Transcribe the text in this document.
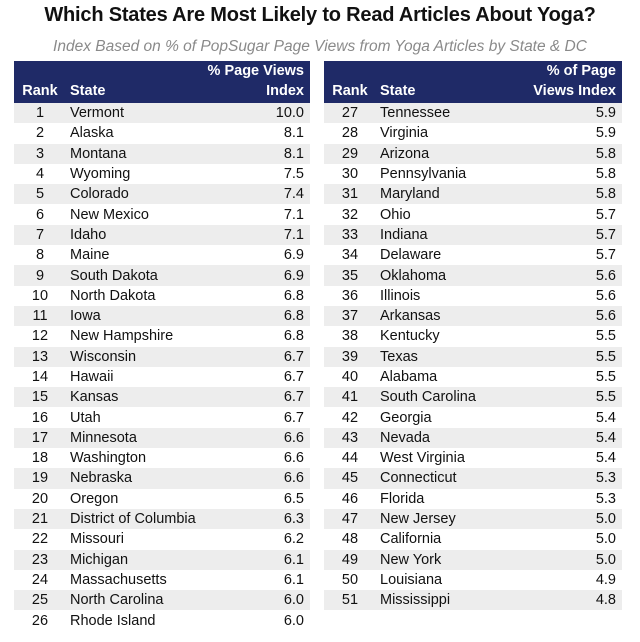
Which States Are Most Likely to Read Articles About Yoga?
Index Based on % of PopSugar Page Views from Yoga Articles by State & DC
		% Page Views
Rank	State	Index
1	Vermont	10.0
2	Alaska	8.1
3	Montana	8.1
4	Wyoming	7.5
5	Colorado	7.4
6	New Mexico	7.1
7	Idaho	7.1
8	Maine	6.9
9	South Dakota	6.9
10	North Dakota	6.8
11	Iowa	6.8
12	New Hampshire	6.8
13	Wisconsin	6.7
14	Hawaii	6.7
15	Kansas	6.7
16	Utah	6.7
17	Minnesota	6.6
18	Washington	6.6
19	Nebraska	6.6
20	Oregon	6.5
21	District of Columbia	6.3
22	Missouri	6.2
23	Michigan	6.1
24	Massachusetts	6.1
25	North Carolina	6.0
26	Rhode Island	6.0
		% of Page
Rank	State	Views Index
27	Tennessee	5.9
28	Virginia	5.9
29	Arizona	5.8
30	Pennsylvania	5.8
31	Maryland	5.8
32	Ohio	5.7
33	Indiana	5.7
34	Delaware	5.7
35	Oklahoma	5.6
36	Illinois	5.6
37	Arkansas	5.6
38	Kentucky	5.5
39	Texas	5.5
40	Alabama	5.5
41	South Carolina	5.5
42	Georgia	5.4
43	Nevada	5.4
44	West Virginia	5.4
45	Connecticut	5.3
46	Florida	5.3
47	New Jersey	5.0
48	California	5.0
49	New York	5.0
50	Louisiana	4.9
51	Mississippi	4.8
